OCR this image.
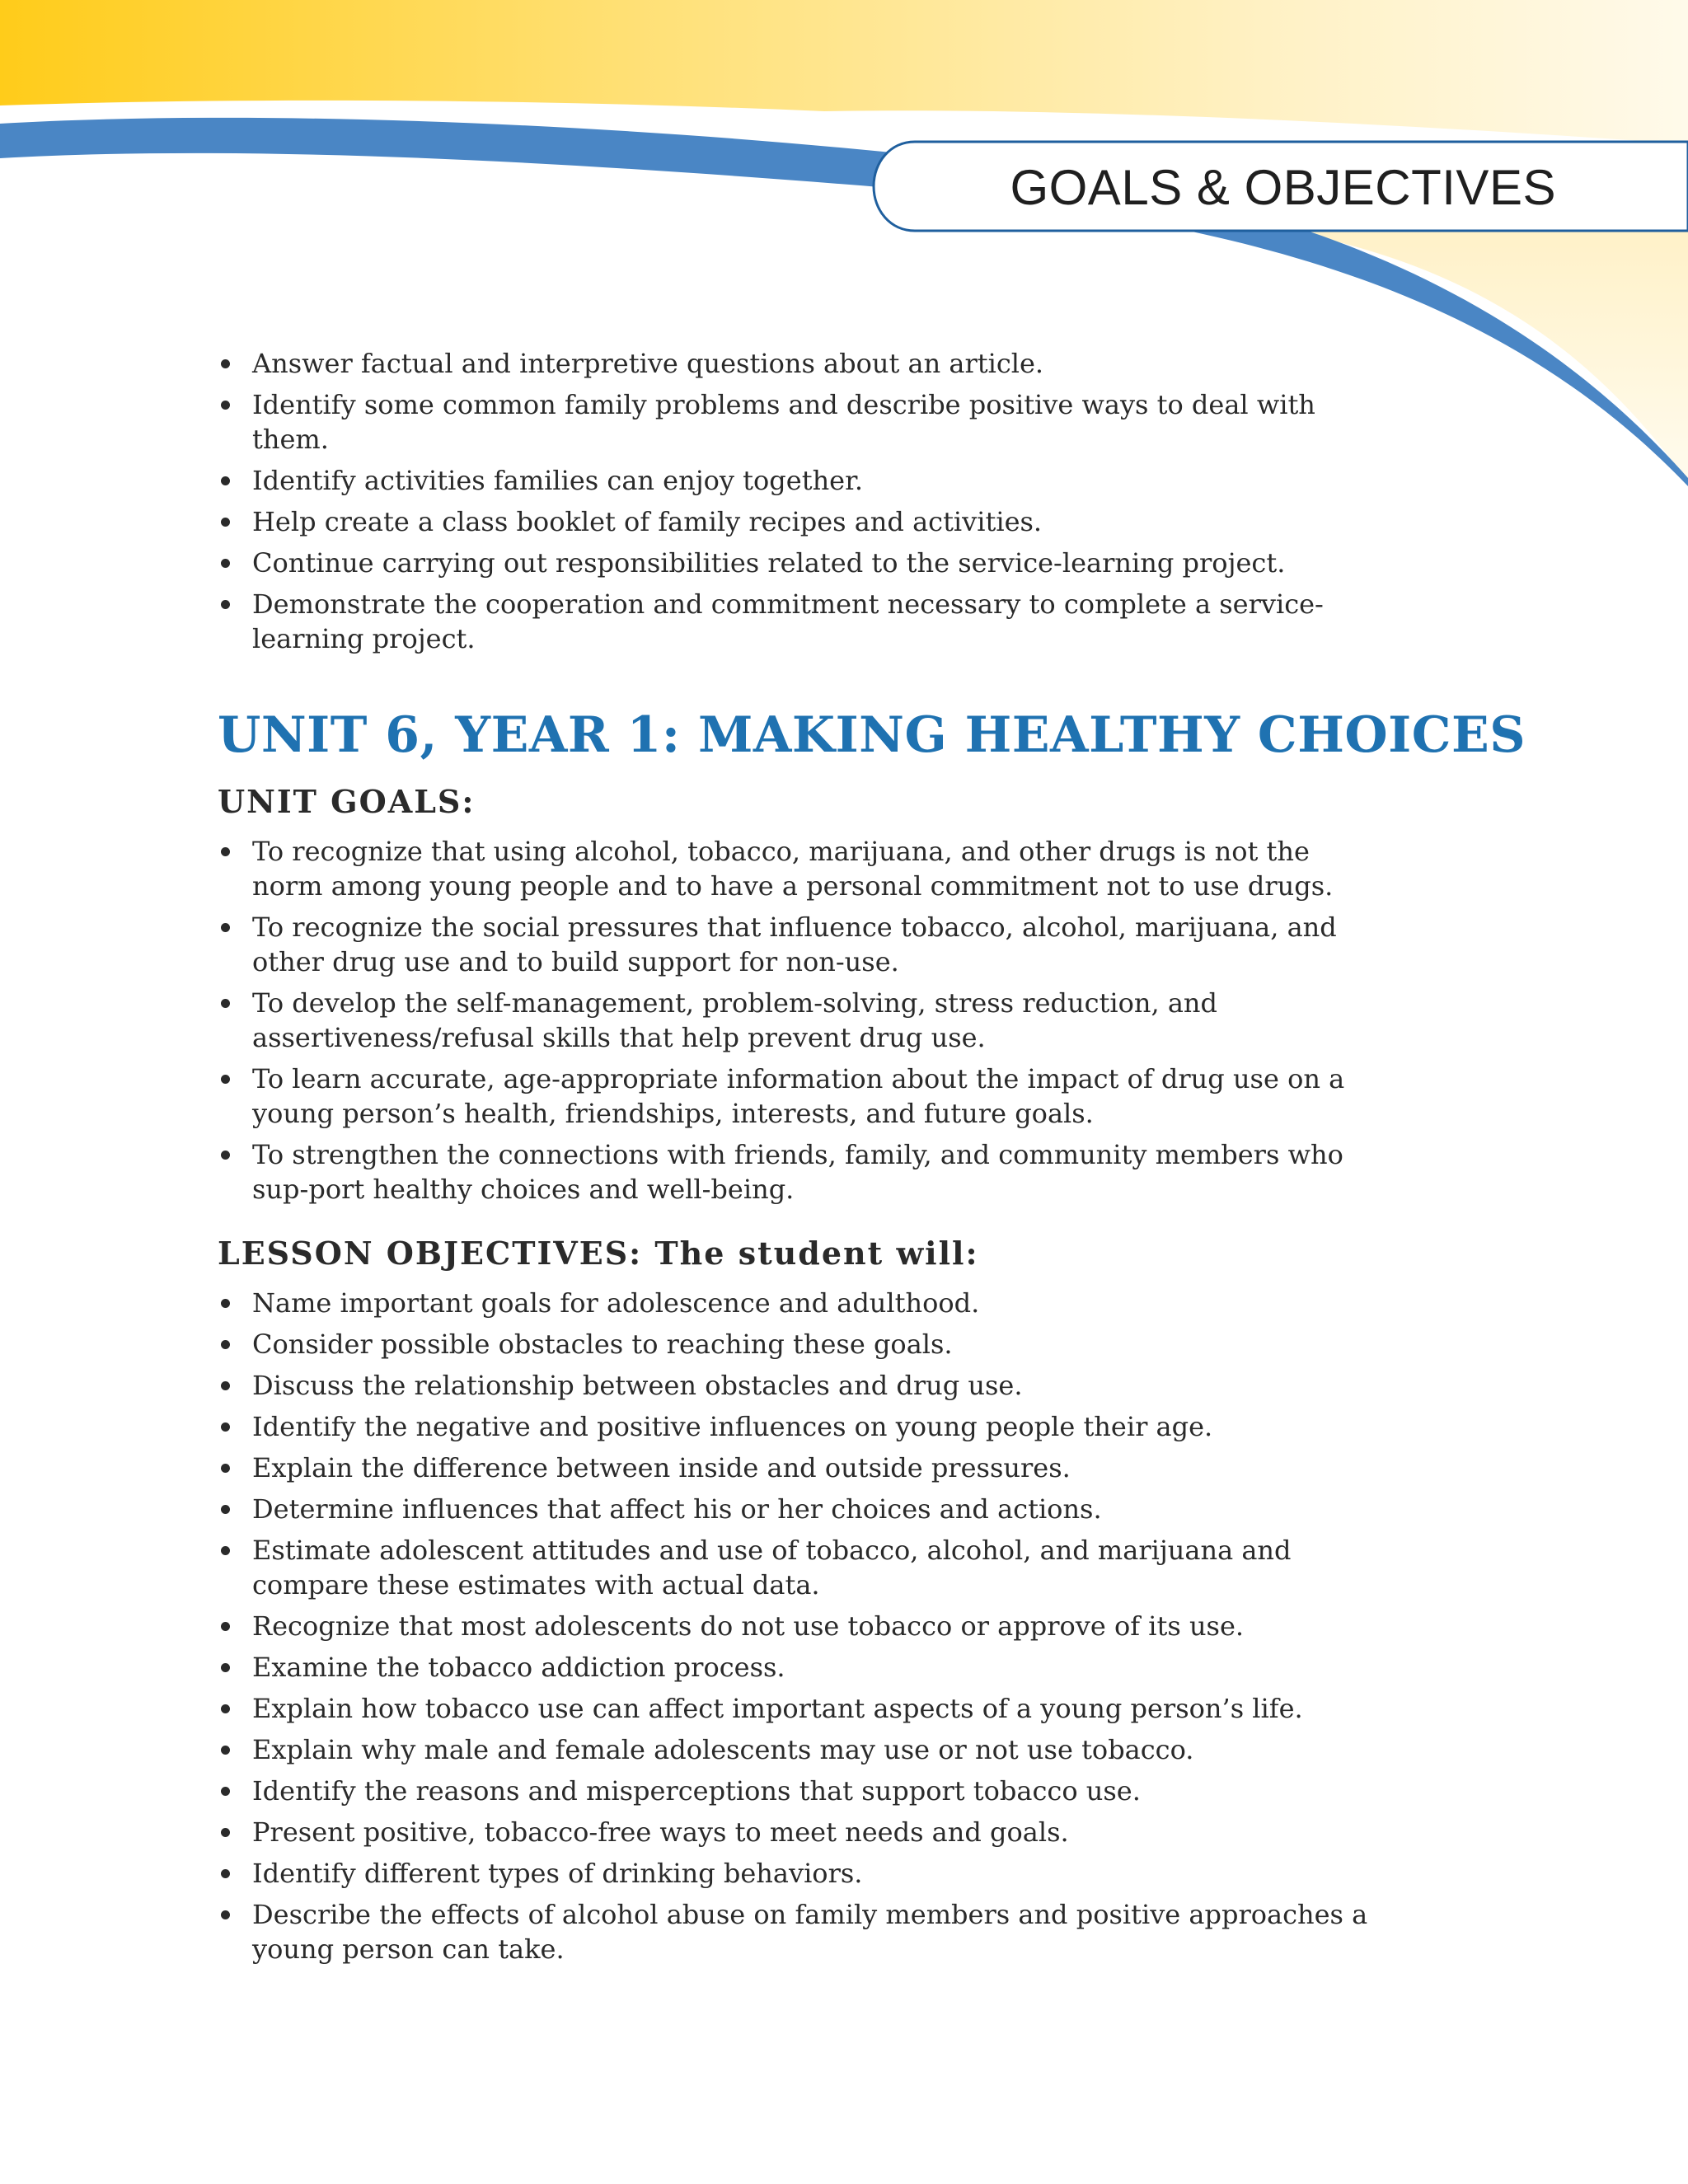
GOALS & OBJECTIVES
Answer factual and interpretive questions about an article.
Identify some common family problems and describe positive ways to deal with them.
Identify activities families can enjoy together.
Help create a class booklet of family recipes and activities.
Continue carrying out responsibilities related to the service-learning project.
Demonstrate the cooperation and commitment necessary to complete a service-learning project.
UNIT 6, YEAR 1: MAKING HEALTHY CHOICES
UNIT GOALS:
To recognize that using alcohol, tobacco, marijuana, and other drugs is not the norm among young people and to have a personal commitment not to use drugs.
To recognize the social pressures that influence tobacco, alcohol, marijuana, and other drug use and to build support for non-use.
To develop the self-management, problem-solving, stress reduction, and assertiveness/refusal skills that help prevent drug use.
To learn accurate, age-appropriate information about the impact of drug use on a young person’s health, friendships, interests, and future goals.
To strengthen the connections with friends, family, and community members who sup-port healthy choices and well-being.
LESSON OBJECTIVES: The student will:
Name important goals for adolescence and adulthood.
Consider possible obstacles to reaching these goals.
Discuss the relationship between obstacles and drug use.
Identify the negative and positive influences on young people their age.
Explain the difference between inside and outside pressures.
Determine influences that affect his or her choices and actions.
Estimate adolescent attitudes and use of tobacco, alcohol, and marijuana and compare these estimates with actual data.
Recognize that most adolescents do not use tobacco or approve of its use.
Examine the tobacco addiction process.
Explain how tobacco use can affect important aspects of a young person’s life.
Explain why male and female adolescents may use or not use tobacco.
Identify the reasons and misperceptions that support tobacco use.
Present positive, tobacco-free ways to meet needs and goals.
Identify different types of drinking behaviors.
Describe the effects of alcohol abuse on family members and positive approaches a young person can take.
